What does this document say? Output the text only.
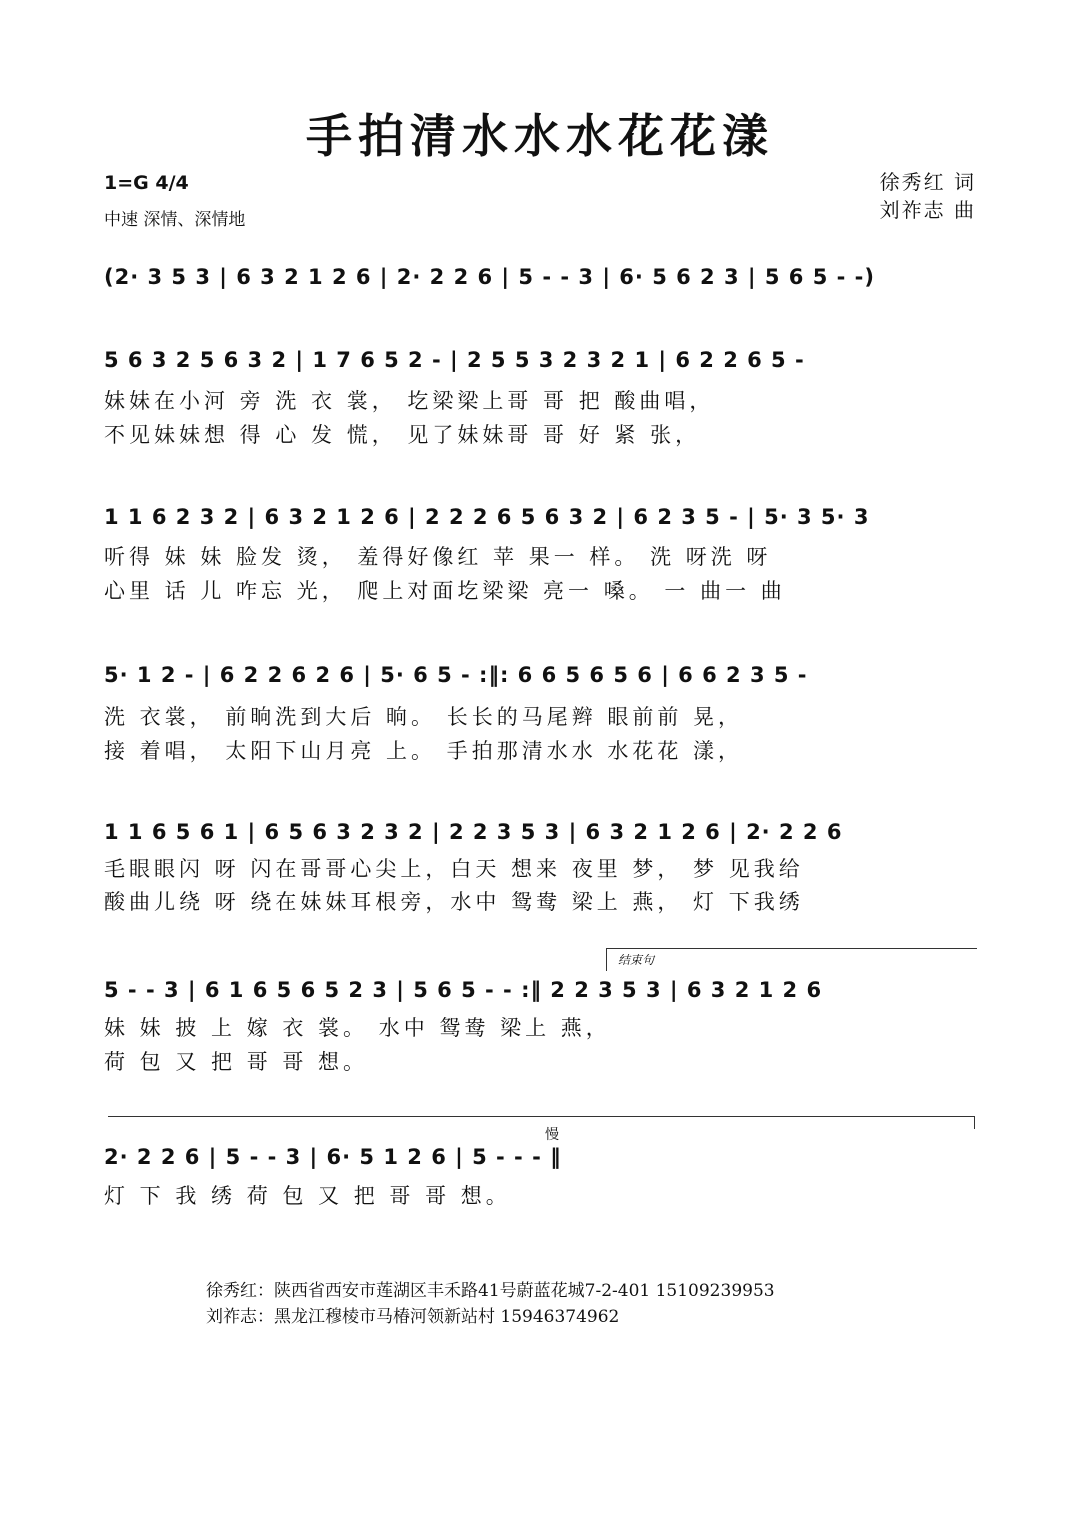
手拍清水水水花花漾
1=G 4/4
中速 深情、深情地
徐秀红 词
刘祚志 曲
(2· 3 5 3 | 6 3 2 1 2 6 | 2· 2 2 6 | 5 - - 3 | 6· 5 6 2 3 | 5 6 5 - -)
5 6 3 2 5 6 3 2 | 1 7 6 5 2 - | 2 5 5 3 2 3 2 1 | 6 2 2 6 5 -
妹妹在小河 旁 洗 衣 裳， 圪梁梁上哥 哥 把 酸曲唱，
不见妹妹想 得 心 发 慌， 见了妹妹哥 哥 好 紧 张，
1 1 6 2 3 2 | 6 3 2 1 2 6 | 2 2 2 6 5 6 3 2 | 6 2 3 5 - | 5· 3 5· 3
听得 妹 妹 脸发 烫， 羞得好像红 苹 果一 样。 洗 呀洗 呀
心里 话 儿 咋忘 光， 爬上对面圪梁梁 亮一 嗓。 一 曲一 曲
5· 1 2 - | 6 2 2 6 2 6 | 5· 6 5 - :‖: 6 6 5 6 5 6 | 6 6 2 3 5 -
洗 衣裳， 前晌洗到大后 晌。 长长的马尾辫 眼前前 晃，
接 着唱， 太阳下山月亮 上。 手拍那清水水 水花花 漾，
1 1 6 5 6 1 | 6 5 6 3 2 3 2 | 2 2 3 5 3 | 6 3 2 1 2 6 | 2· 2 2 6
毛眼眼闪 呀 闪在哥哥心尖上，白天 想来 夜里 梦， 梦 见我给
酸曲儿绕 呀 绕在妹妹耳根旁，水中 鸳鸯 梁上 燕， 灯 下我绣
结束句
5 - - 3 | 6 1 6 5 6 5 2 3 | 5 6 5 - - :‖ 2 2 3 5 3 | 6 3 2 1 2 6
妹 妹 披 上 嫁 衣 裳。 水中 鸳鸯 梁上 燕，
荷 包 又 把 哥 哥 想。
慢
2· 2 2 6 | 5 - - 3 | 6· 5 1 2 6 | 5 - - - ‖
灯 下 我 绣 荷 包 又 把 哥 哥 想。
徐秀红：陕西省西安市莲湖区丰禾路41号蔚蓝花城7-2-401 15109239953
刘祚志：黑龙江穆棱市马椿河领新站村 15946374962
